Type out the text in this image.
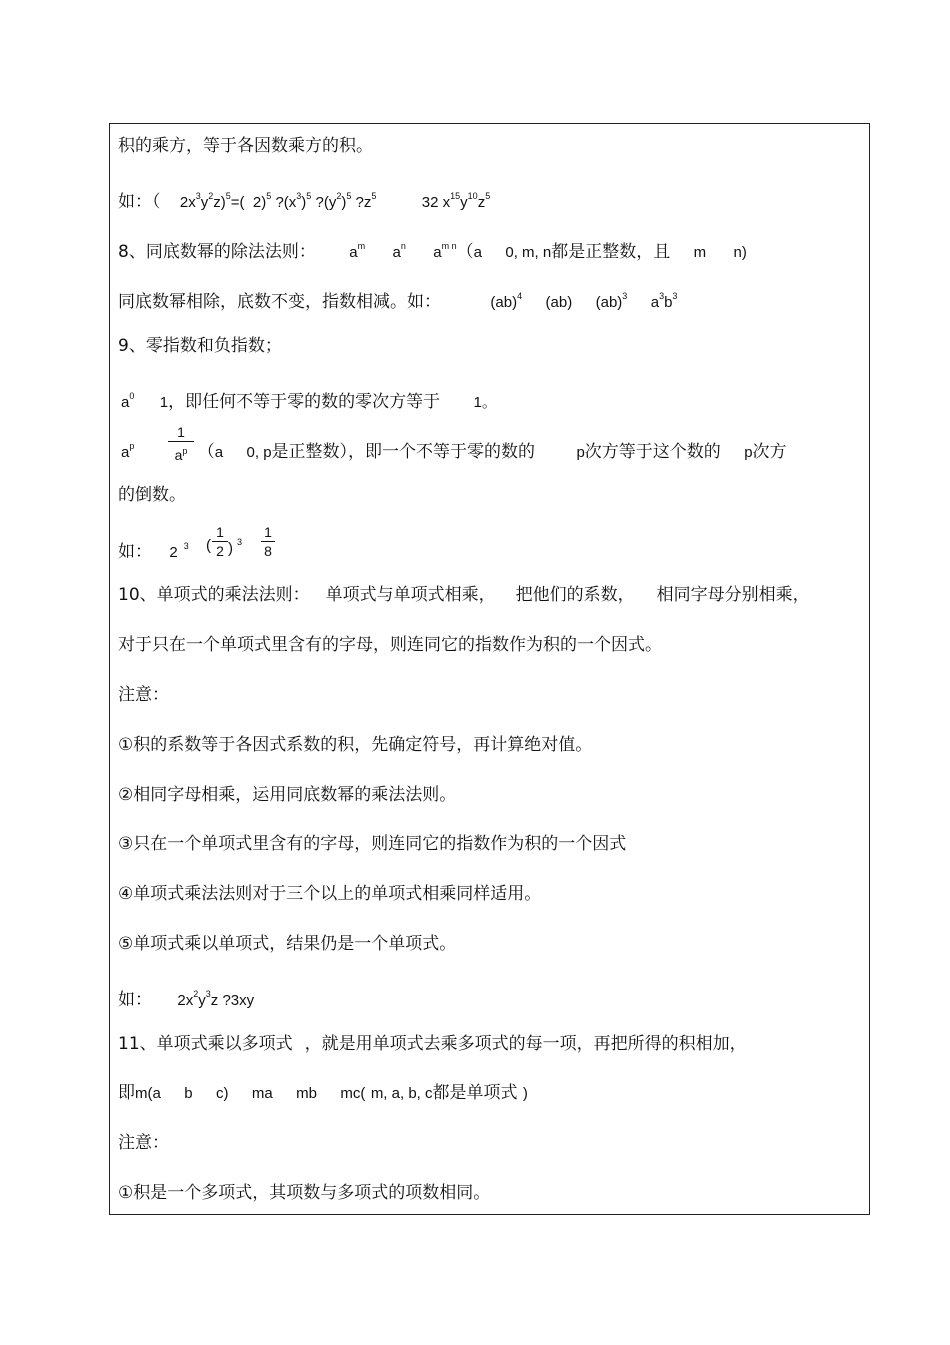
积的乘方，等于各因数乘方的积。
如：（ $2x^3y^2z)^5=$( 2)$^5$ $?(x^3)^5$ $?(y^2)^5$ $?z^5$	32 $x^{15}y^{10}z^5$
8、同底数幂的除法法则： $a^m$ $a^n$ $a^{m n}(a$ 0, m, n都是正整数，且 m n)
同底数幂相除，底数不变，指数相减。如：	(ab)$^4$ (ab) (ab)$^3$ $a^3b^3$
9、零指数和负指数；
$a^0$ 1，即任何不等于零的数的零次方等于 1。
$a^p$	（a 0, p是正整数），即一个不等于零的数的	p次方等于这个数的 p次方
$\frac{1}{a^p}$
的倒数。
如： 2 $^3$ ( $\frac{1}{2}$ ) $^3 \frac{1}{8}$
10、单项式的乘法法则： 单项式与单项式相乘， 把他们的系数， 相同字母分别相乘，
对于只在一个单项式里含有的字母，则连同它的指数作为积的一个因式。
注意：
①积的系数等于各因式系数的积，先确定符号，再计算绝对值。
②相同字母相乘，运用同底数幂的乘法法则。
③只在一个单项式里含有的字母，则连同它的指数作为积的一个因式
④单项式乘法法则对于三个以上的单项式相乘同样适用。
⑤单项式乘以单项式，结果仍是一个单项式。
如： $2x^2y^3z$ ?3xy
11、单项式乘以多项式 ，就是用单项式去乘多项式的每一项，再把所得的积相加，
即m(a b c) ma mb mc( m, a, b, c都是单项式 )
注意：
①积是一个多项式，其项数与多项式的项数相同。
